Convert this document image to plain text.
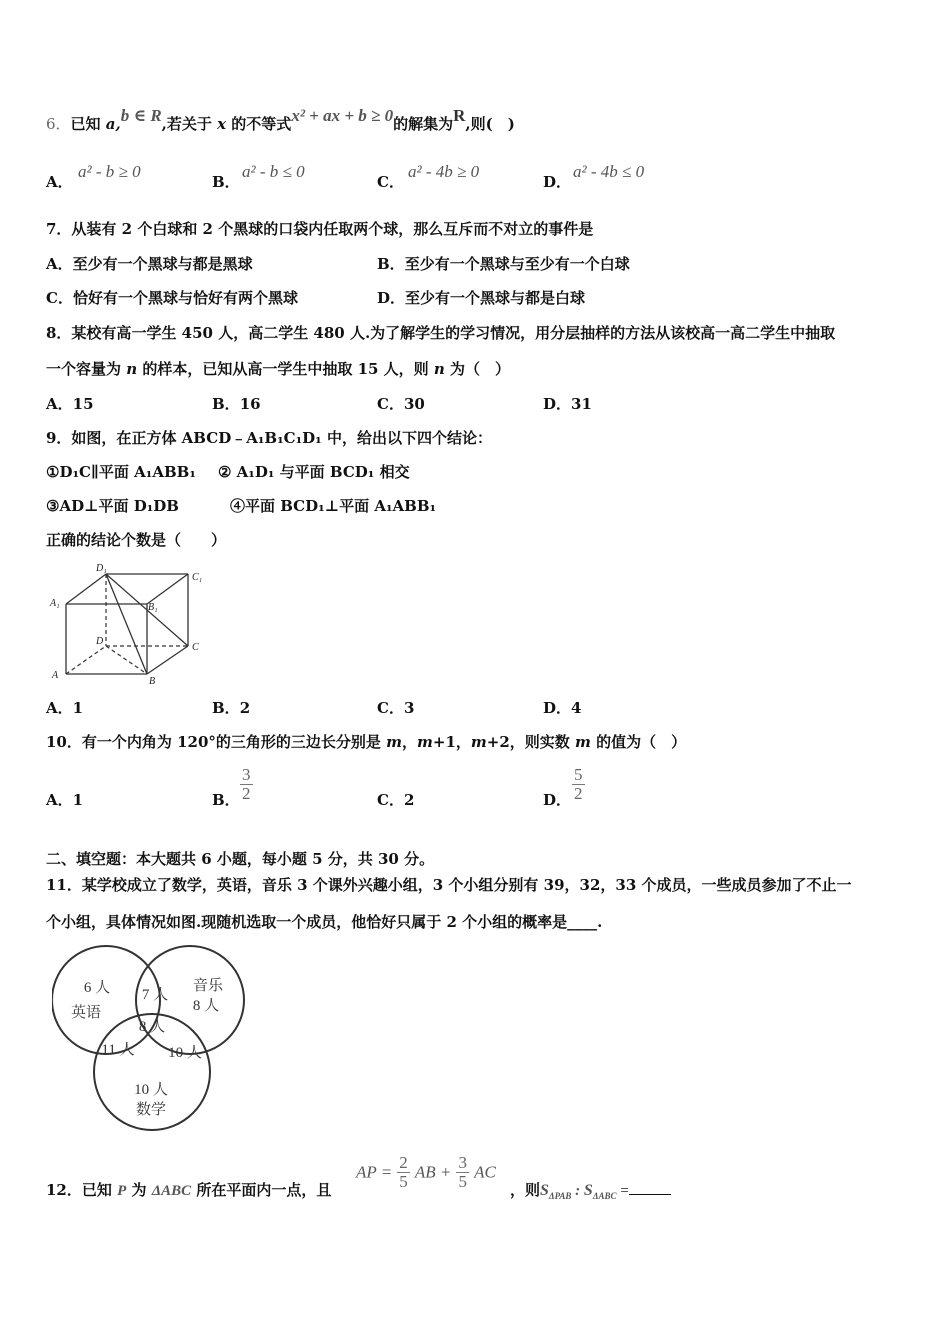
6．已知 a,b ∈ R,若关于 x 的不等式x² + ax + b ≥ 0的解集为R,则(　)
A．
a² - b ≥ 0
B．
a² - b ≤ 0
C．
a² - 4b ≥ 0
D．
a² - 4b ≤ 0
7．从装有 2 个白球和 2 个黑球的口袋内任取两个球，那么互斥而不对立的事件是
A．至少有一个黑球与都是黑球	B．至少有一个黑球与至少有一个白球
C．恰好有一个黑球与恰好有两个黑球	D．至少有一个黑球与都是白球
8．某校有高一学生 450 人，高二学生 480 人.为了解学生的学习情况，用分层抽样的方法从该校高一高二学生中抽取
一个容量为 n 的样本，已知从高一学生中抽取 15 人，则 n 为（　）
A．15	B．16	C．30	D．31
9．如图，在正方体 ABCD﹣A₁B₁C₁D₁ 中，给出以下四个结论：
①D₁C∥平面 A₁ABB₁ ② A₁D₁ 与平面 BCD₁ 相交
③AD⊥平面 D₁DB	④平面 BCD₁⊥平面 A₁ABB₁
正确的结论个数是（　　）
D₁
C₁
A₁	B₁
D
C
A
B
A．1	B．2	C．3	D．4
10．有一个内角为 120°的三角形的三边长分别是 m，m+1，m+2，则实数 m 的值为（　）
A．1	B． $\frac{3}{2}$	C．2	D． $\frac{5}{2}$
二、填空题：本大题共 6 小题，每小题 5 分，共 30 分。
11．某学校成立了数学，英语，音乐 3 个课外兴趣小组，3 个小组分别有 39，32，33 个成员，一些成员参加了不止一
个小组，具体情况如图.现随机选取一个成员，他恰好只属于 2 个小组的概率是____.
6 人
英语
音乐
8 人
7 人
8 人
11 人 10 人
10 人
数学
12．已知 P 为 ΔABC 所在平面内一点，且
AP = $\frac{2}{5}$ AB + $\frac{3}{5}$ AC
，则$S_{\Delta PAB}$ : $S_{\Delta ABC}$ =
